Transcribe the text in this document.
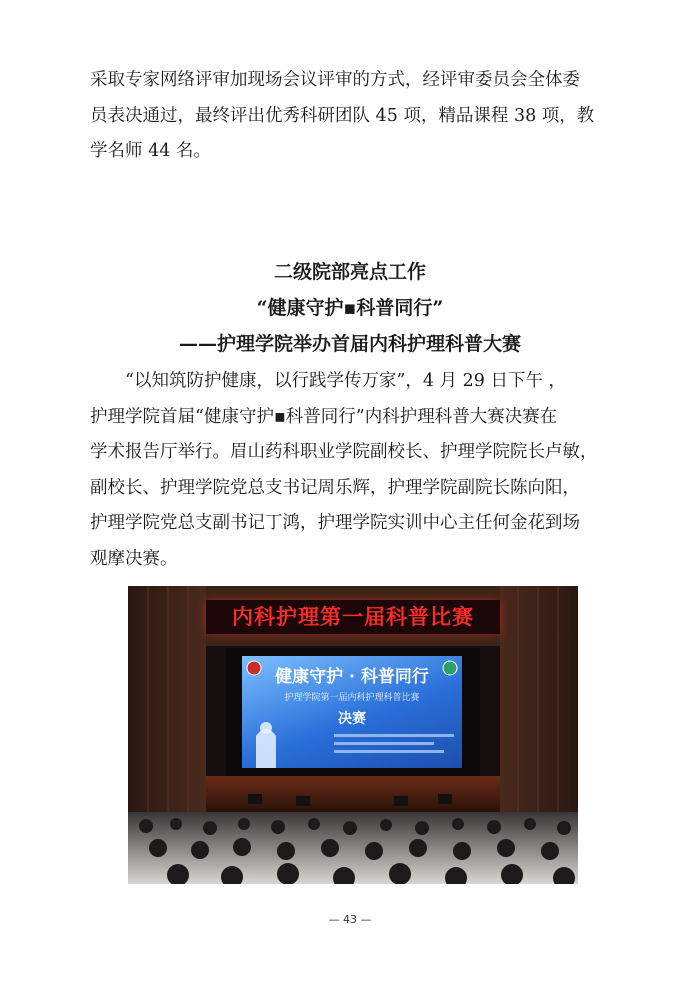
采取专家网络评审加现场会议评审的方式，经评审委员会全体委
员表决通过，最终评出优秀科研团队 45 项，精品课程 38 项，教
学名师 44 名。

二级院部亮点工作

“健康守护▪科普同行”

——护理学院举办首届内科护理科普大赛

“以知筑防护健康，以行践学传万家”，4 月 29 日下午 ，
护理学院首届“健康守护▪科普同行”内科护理科普大赛决赛在
学术报告厅举行。眉山药科职业学院副校长、护理学院院长卢敏，
副校长、护理学院党总支书记周乐辉，护理学院副院长陈向阳，
护理学院党总支副书记丁鸿，护理学院实训中心主任何金花到场
观摩决赛。

内科护理第一届科普比赛
健康守护 · 科普同行
护理学院第一届内科护理科普比赛
决赛
— 43 —
